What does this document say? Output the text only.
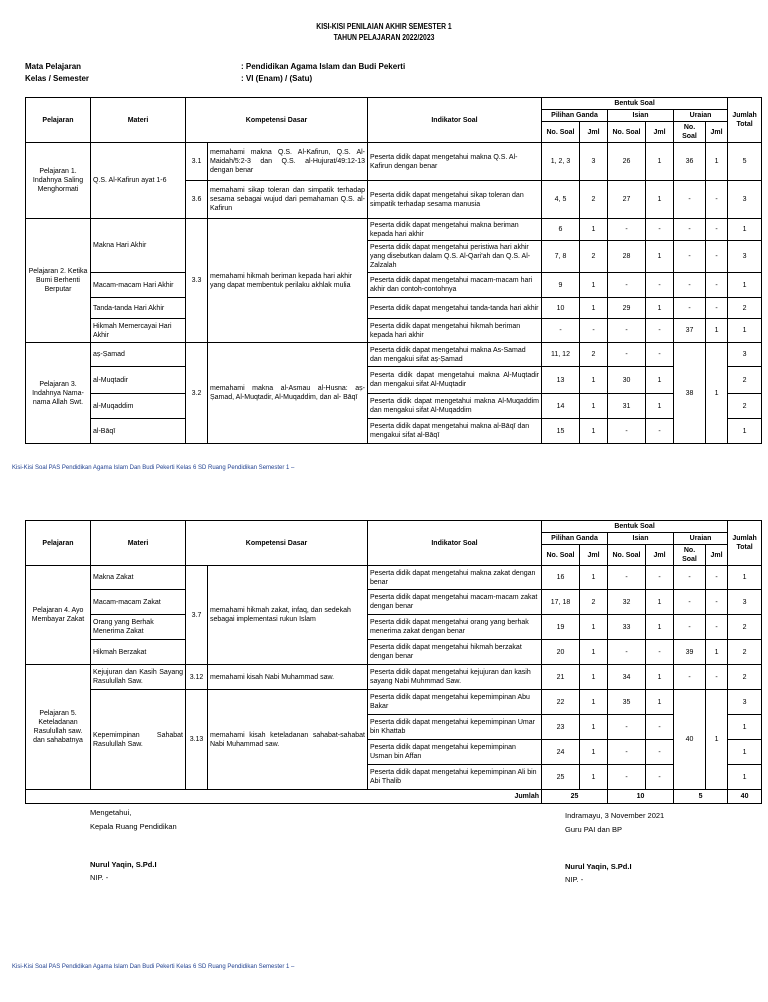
KISI-KISI PENILAIAN AKHIR SEMESTER 1
TAHUN PELAJARAN 2022/2023
Mata Pelajaran	: Pendidikan Agama Islam dan Budi Pekerti
Kelas / Semester	: VI (Enam) / (Satu)
Pelajaran	Materi	Kompetensi Dasar		Indikator Soal	Bentuk Soal						Jumlah Total
					Pilihan Ganda		Isian		Uraian		
					No. Soal	Jml	No. Soal	Jml	No. Soal	Jml	
Pelajaran 1. Indahnya Saling Menghormati	Q.S. Al-Kafirun ayat 1-6	3.1	memahami makna Q.S. Al-Kafirun, Q.S. Al-Maidah/5:2-3 dan Q.S. al-Hujurat/49:12-13 dengan benar	Peserta didik dapat mengetahui makna Q.S. Al-Kafirun dengan benar	1, 2, 3	3	26	1	36	1	5
		3.6	memahami sikap toleran dan simpatik terhadap sesama sebagai wujud dari pemahaman Q.S. al-Kafirun	Peserta didik dapat mengetahui sikap toleran dan simpatik terhadap sesama manusia	4, 5	2	27	1	-	-	3
Pelajaran 2. Ketika Bumi Berhenti Berputar	Makna Hari Akhir	3.3	memahami hikmah beriman kepada hari akhir yang dapat membentuk perilaku akhlak mulia	Peserta didik dapat mengetahui makna beriman kepada hari akhir	6	1	-	-	-	-	1
				Peserta didik dapat mengetahui peristiwa hari akhir yang disebutkan dalam Q.S. Al-Qari'ah dan Q.S. Al-Zalzalah	7, 8	2	28	1	-	-	3
	Macam-macam Hari Akhir			Peserta didik dapat mengetahui macam-macam hari akhir dan contoh-contohnya	9	1	-	-	-	-	1
	Tanda-tanda Hari Akhir			Peserta didik dapat mengetahui tanda-tanda hari akhir	10	1	29	1	-	-	2
	Hikmah Memercayai Hari Akhir			Peserta didik dapat mengetahui hikmah beriman kepada hari akhir	-	-	-	-	37	1	1
Pelajaran 3. Indahnya Nama-nama Allah Swt.	aṣ-Ṣamad	3.2	memahami makna al-Asmau al-Husna: aṣ-Ṣamad, Al-Muqtadir, Al-Muqaddim, dan al- Bāqī	Peserta didik dapat mengetahui makna As-Samad dan mengakui sifat aṣ-Ṣamad	11, 12	2	-	-	38	1	3
	al-Muqtadir			Peserta didik dapat mengetahui makna Al-Muqtadir dan mengakui sifat Al-Muqtadir	13	1	30	1			2
	al-Muqaddim			Peserta didik dapat mengetahui makna Al-Muqaddim dan mengakui sifat Al-Muqaddim	14	1	31	1			2
	al-Bāqī			Peserta didik dapat mengetahui makna al-Bāqī dan mengakui sifat al-Bāqī	15	1	-	-			1
Kisi-Kisi Soal PAS Pendidikan Agama Islam Dan Budi Pekerti Kelas 6 SD Ruang Pendidikan Semester 1 –
Pelajaran	Materi	Kompetensi Dasar		Indikator Soal	Bentuk Soal						Jumlah Total
					Pilihan Ganda		Isian		Uraian		
					No. Soal	Jml	No. Soal	Jml	No. Soal	Jml	
Pelajaran 4. Ayo Membayar Zakat	Makna Zakat	3.7	memahami hikmah zakat, infaq, dan sedekah sebagai implementasi rukun Islam	Peserta didik dapat mengetahui makna zakat dengan benar	16	1	-	-	-	-	1
	Macam-macam Zakat			Peserta didik dapat mengetahui macam-macam zakat dengan benar	17, 18	2	32	1	-	-	3
	Orang yang Berhak Menerima Zakat			Peserta didik dapat mengetahui orang yang berhak menerima zakat dengan benar	19	1	33	1	-	-	2
	Hikmah Berzakat			Peserta didik dapat mengetahui hikmah berzakat dengan benar	20	1	-	-	39	1	2
Pelajaran 5. Keteladanan Rasulullah saw. dan sahabatnya	Kejujuran dan Kasih Sayang Rasulullah Saw.	3.12	memahami kisah Nabi Muhammad saw.	Peserta didik dapat mengetahui kejujuran dan kasih sayang Nabi Muhmmad Saw.	21	1	34	1	-	-	2
	Kepemimpinan Sahabat Rasulullah Saw.	3.13	memahami kisah keteladanan sahabat-sahabat Nabi Muhammad saw.	Peserta didik dapat mengetahui kepemimpinan Abu Bakar	22	1	35	1	40	1	3
				Peserta didik dapat mengetahui kepemimpinan Umar bin Khattab	23	1	-	-			1
				Peserta didik dapat mengetahui kepemimpinan Usman bin Affan	24	1	-	-			1
				Peserta didik dapat mengetahui kepemimpinan Ali bin Abi Thalib	25	1	-	-			1
Jumlah					25		10		5		40
Mengetahui,
Kepala Ruang Pendidikan
Nurul Yaqin, S.Pd.I
NIP. -
Indramayu, 3 November 2021
Guru PAI dan BP
Nurul Yaqin, S.Pd.I
NIP. -
Kisi-Kisi Soal PAS Pendidikan Agama Islam Dan Budi Pekerti Kelas 6 SD Ruang Pendidikan Semester 1 –
